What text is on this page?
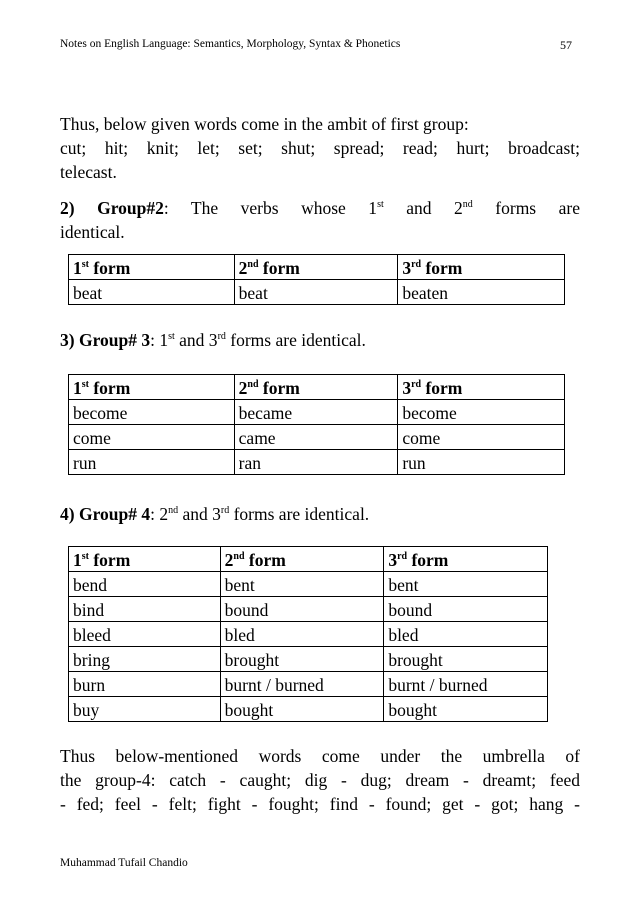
Notes on English Language: Semantics, Morphology, Syntax & Phonetics	57
Thus, below given words come in the ambit of first group:
cut; hit; knit; let; set; shut; spread; read; hurt; broadcast;
telecast.
2) Group#2: The verbs whose 1st and 2nd forms are
identical.
1st form	2nd form	3rd form
beat	beat	beaten
3) Group# 3: 1st and 3rd forms are identical.
1st form	2nd form	3rd form
become	became	become
come	came	come
run	ran	run
4) Group# 4: 2nd and 3rd forms are identical.
1st form	2nd form	3rd form
bend	bent	bent
bind	bound	bound
bleed	bled	bled
bring	brought	brought
burn	burnt / burned	burnt / burned
buy	bought	bought
Thus below-mentioned words come under the umbrella of
the group-4: catch - caught; dig - dug; dream - dreamt; feed
- fed; feel - felt; fight - fought; find - found; get - got; hang -
Muhammad Tufail Chandio
